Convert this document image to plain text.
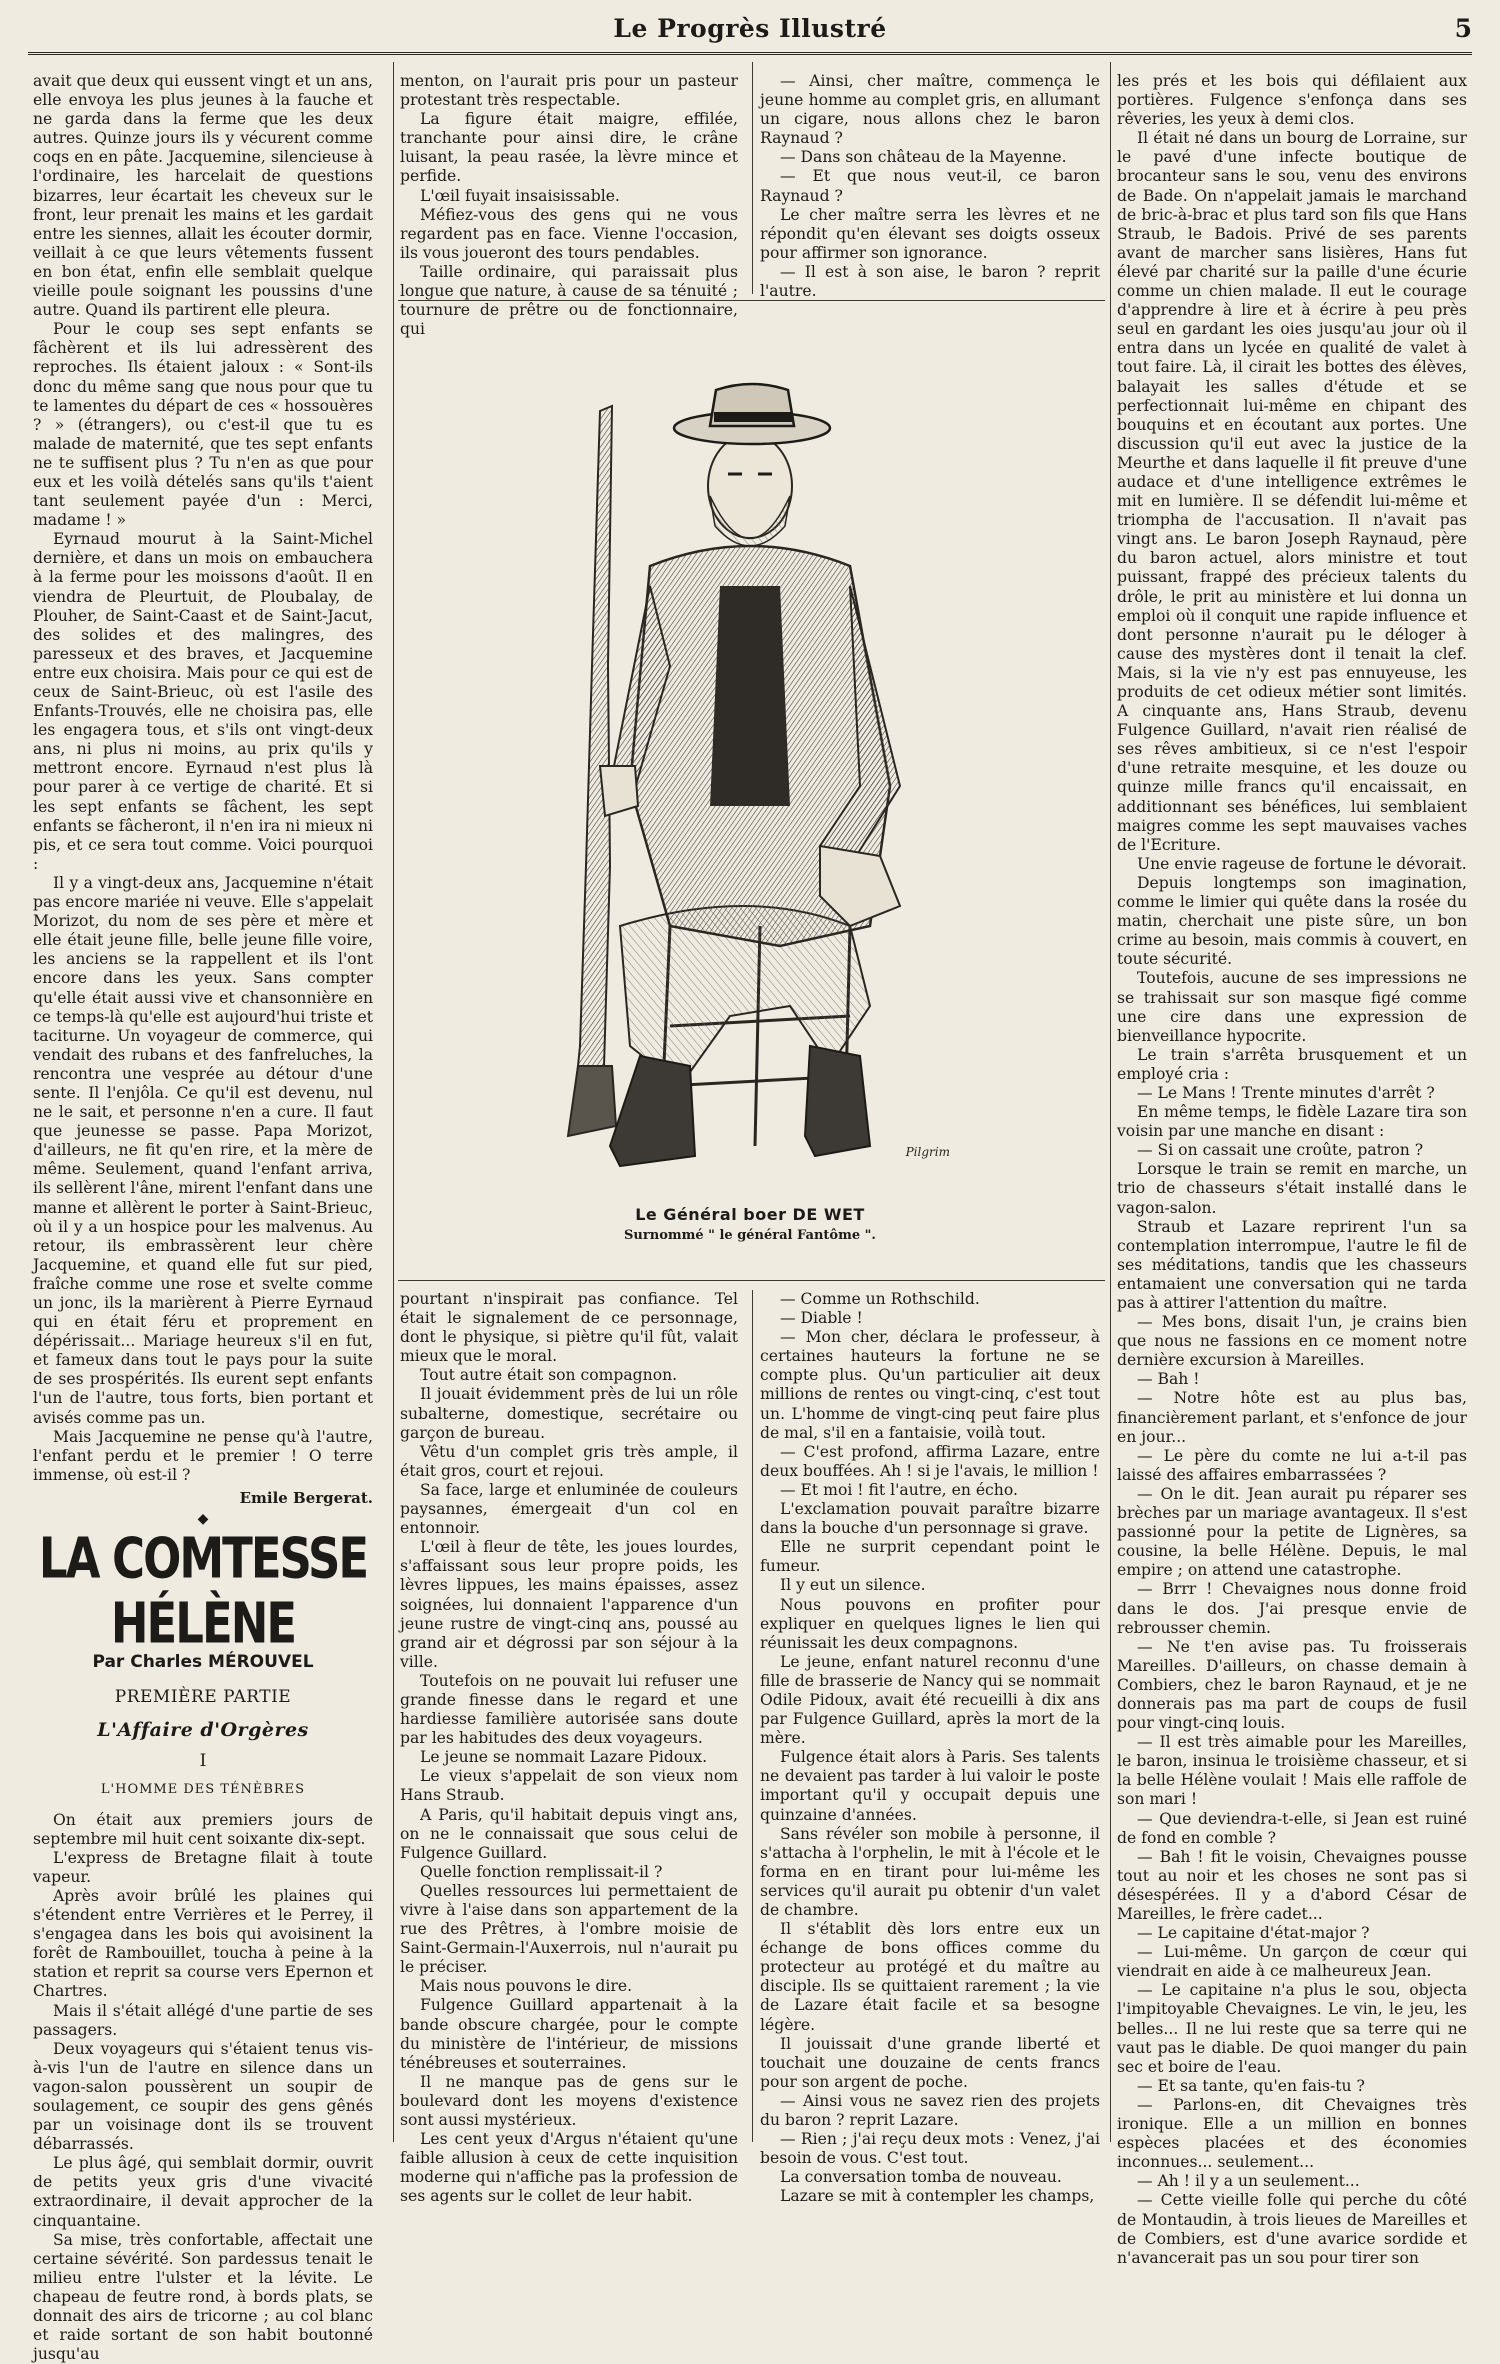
Le Progrès Illustré	5

avait que deux qui eussent vingt et un ans, elle envoya les plus jeunes à la fauche et ne garda dans la ferme que les deux autres. Quinze jours ils y vécurent comme coqs en en pâte. Jacquemine, silencieuse à l'ordinaire, les harcelait de questions bizarres, leur écartait les cheveux sur le front, leur prenait les mains et les gardait entre les siennes, allait les écouter dormir, veillait à ce que leurs vêtements fussent en bon état, enfin elle semblait quelque vieille poule soignant les poussins d'une autre. Quand ils partirent elle pleura.

Pour le coup ses sept enfants se fâchèrent et ils lui adressèrent des reproches. Ils étaient jaloux : « Sont-ils donc du même sang que nous pour que tu te lamentes du départ de ces « hossouères ? » (étrangers), ou c'est-il que tu es malade de maternité, que tes sept enfants ne te suffisent plus ? Tu n'en as que pour eux et les voilà dételés sans qu'ils t'aient tant seulement payée d'un : Merci, madame ! »

Eyrnaud mourut à la Saint-Michel dernière, et dans un mois on embauchera à la ferme pour les moissons d'août. Il en viendra de Pleurtuit, de Ploubalay, de Plouher, de Saint-Caast et de Saint-Jacut, des solides et des malingres, des paresseux et des braves, et Jacquemine entre eux choisira. Mais pour ce qui est de ceux de Saint-Brieuc, où est l'asile des Enfants-Trouvés, elle ne choisira pas, elle les engagera tous, et s'ils ont vingt-deux ans, ni plus ni moins, au prix qu'ils y mettront encore. Eyrnaud n'est plus là pour parer à ce vertige de charité. Et si les sept enfants se fâchent, les sept enfants se fâcheront, il n'en ira ni mieux ni pis, et ce sera tout comme. Voici pourquoi :

Il y a vingt-deux ans, Jacquemine n'était pas encore mariée ni veuve. Elle s'appelait Morizot, du nom de ses père et mère et elle était jeune fille, belle jeune fille voire, les anciens se la rappellent et ils l'ont encore dans les yeux. Sans compter qu'elle était aussi vive et chansonnière en ce temps-là qu'elle est aujourd'hui triste et taciturne. Un voyageur de commerce, qui vendait des rubans et des fanfreluches, la rencontra une vesprée au détour d'une sente. Il l'enjôla. Ce qu'il est devenu, nul ne le sait, et personne n'en a cure. Il faut que jeunesse se passe. Papa Morizot, d'ailleurs, ne fit qu'en rire, et la mère de même. Seulement, quand l'enfant arriva, ils sellèrent l'âne, mirent l'enfant dans une manne et allèrent le porter à Saint-Brieuc, où il y a un hospice pour les malvenus. Au retour, ils embrassèrent leur chère Jacquemine, et quand elle fut sur pied, fraîche comme une rose et svelte comme un jonc, ils la marièrent à Pierre Eyrnaud qui en était féru et proprement en dépérissait... Mariage heureux s'il en fut, et fameux dans tout le pays pour la suite de ses prospérités. Ils eurent sept enfants l'un de l'autre, tous forts, bien portant et avisés comme pas un.

Mais Jacquemine ne pense qu'à l'autre, l'enfant perdu et le premier ! O terre immense, où est-il ?

Emile Bergerat.
◆
LA COMTESSE HÉLÈNE
Par Charles MÉROUVEL
PREMIÈRE PARTIE
L'Affaire d'Orgères
I
L'HOMME DES TÉNÈBRES

On était aux premiers jours de septembre mil huit cent soixante dix-sept.

L'express de Bretagne filait à toute vapeur.

Après avoir brûlé les plaines qui s'étendent entre Verrières et le Perrey, il s'engagea dans les bois qui avoisinent la forêt de Rambouillet, toucha à peine à la station et reprit sa course vers Epernon et Chartres.

Mais il s'était allégé d'une partie de ses passagers.

Deux voyageurs qui s'étaient tenus vis-à-vis l'un de l'autre en silence dans un vagon-salon poussèrent un soupir de soulagement, ce soupir des gens gênés par un voisinage dont ils se trouvent débarrassés.

Le plus âgé, qui semblait dormir, ouvrit de petits yeux gris d'une vivacité extraordinaire, il devait approcher de la cinquantaine.

Sa mise, très confortable, affectait une certaine sévérité. Son pardessus tenait le milieu entre l'ulster et la lévite. Le chapeau de feutre rond, à bords plats, se donnait des airs de tricorne ; au col blanc et raide sortant de son habit boutonné jusqu'au

menton, on l'aurait pris pour un pasteur protestant très respectable.

La figure était maigre, effilée, tranchante pour ainsi dire, le crâne luisant, la peau rasée, la lèvre mince et perfide.

L'œil fuyait insaisissable.

Méfiez-vous des gens qui ne vous regardent pas en face. Vienne l'occasion, ils vous joueront des tours pendables.

Taille ordinaire, qui paraissait plus longue que nature, à cause de sa ténuité ; tournure de prêtre ou de fonctionnaire, qui

— Ainsi, cher maître, commença le jeune homme au complet gris, en allumant un cigare, nous allons chez le baron Raynaud ?

— Dans son château de la Mayenne.

— Et que nous veut-il, ce baron Raynaud ?

Le cher maître serra les lèvres et ne répondit qu'en élevant ses doigts osseux pour affirmer son ignorance.

— Il est à son aise, le baron ? reprit l'autre.

Pilgrim
Le Général boer DE WET
Surnommé " le général Fantôme ".

pourtant n'inspirait pas confiance. Tel était le signalement de ce personnage, dont le physique, si piètre qu'il fût, valait mieux que le moral.

Tout autre était son compagnon.

Il jouait évidemment près de lui un rôle subalterne, domestique, secrétaire ou garçon de bureau.

Vêtu d'un complet gris très ample, il était gros, court et rejoui.

Sa face, large et enluminée de couleurs paysannes, émergeait d'un col en entonnoir.

L'œil à fleur de tête, les joues lourdes, s'affaissant sous leur propre poids, les lèvres lippues, les mains épaisses, assez soignées, lui donnaient l'apparence d'un jeune rustre de vingt-cinq ans, poussé au grand air et dégrossi par son séjour à la ville.

Toutefois on ne pouvait lui refuser une grande finesse dans le regard et une hardiesse familière autorisée sans doute par les habitudes des deux voyageurs.

Le jeune se nommait Lazare Pidoux.

Le vieux s'appelait de son vieux nom Hans Straub.

A Paris, qu'il habitait depuis vingt ans, on ne le connaissait que sous celui de Fulgence Guillard.

Quelle fonction remplissait-il ?

Quelles ressources lui permettaient de vivre à l'aise dans son appartement de la rue des Prêtres, à l'ombre moisie de Saint-Germain-l'Auxerrois, nul n'aurait pu le préciser.

Mais nous pouvons le dire.

Fulgence Guillard appartenait à la bande obscure chargée, pour le compte du ministère de l'intérieur, de missions ténébreuses et souterraines.

Il ne manque pas de gens sur le boulevard dont les moyens d'existence sont aussi mystérieux.

Les cent yeux d'Argus n'étaient qu'une faible allusion à ceux de cette inquisition moderne qui n'affiche pas la profession de ses agents sur le collet de leur habit.

— Comme un Rothschild.

— Diable !

— Mon cher, déclara le professeur, à certaines hauteurs la fortune ne se compte plus. Qu'un particulier ait deux millions de rentes ou vingt-cinq, c'est tout un. L'homme de vingt-cinq peut faire plus de mal, s'il en a fantaisie, voilà tout.

— C'est profond, affirma Lazare, entre deux bouffées. Ah ! si je l'avais, le million !

— Et moi ! fit l'autre, en écho.

L'exclamation pouvait paraître bizarre dans la bouche d'un personnage si grave.

Elle ne surprit cependant point le fumeur.

Il y eut un silence.

Nous pouvons en profiter pour expliquer en quelques lignes le lien qui réunissait les deux compagnons.

Le jeune, enfant naturel reconnu d'une fille de brasserie de Nancy qui se nommait Odile Pidoux, avait été recueilli à dix ans par Fulgence Guillard, après la mort de la mère.

Fulgence était alors à Paris. Ses talents ne devaient pas tarder à lui valoir le poste important qu'il y occupait depuis une quinzaine d'années.

Sans révéler son mobile à personne, il s'attacha à l'orphelin, le mit à l'école et le forma en en tirant pour lui-même les services qu'il aurait pu obtenir d'un valet de chambre.

Il s'établit dès lors entre eux un échange de bons offices comme du protecteur au protégé et du maître au disciple. Ils se quittaient rarement ; la vie de Lazare était facile et sa besogne légère.

Il jouissait d'une grande liberté et touchait une douzaine de cents francs pour son argent de poche.

— Ainsi vous ne savez rien des projets du baron ? reprit Lazare.

— Rien ; j'ai reçu deux mots : Venez, j'ai besoin de vous. C'est tout.

La conversation tomba de nouveau.

Lazare se mit à contempler les champs,

les prés et les bois qui défilaient aux portières. Fulgence s'enfonça dans ses rêveries, les yeux à demi clos.

Il était né dans un bourg de Lorraine, sur le pavé d'une infecte boutique de brocanteur sans le sou, venu des environs de Bade. On n'appelait jamais le marchand de bric-à-brac et plus tard son fils que Hans Straub, le Badois. Privé de ses parents avant de marcher sans lisières, Hans fut élevé par charité sur la paille d'une écurie comme un chien malade. Il eut le courage d'apprendre à lire et à écrire à peu près seul en gardant les oies jusqu'au jour où il entra dans un lycée en qualité de valet à tout faire. Là, il cirait les bottes des élèves, balayait les salles d'étude et se perfectionnait lui-même en chipant des bouquins et en écoutant aux portes. Une discussion qu'il eut avec la justice de la Meurthe et dans laquelle il fit preuve d'une audace et d'une intelligence extrêmes le mit en lumière. Il se défendit lui-même et triompha de l'accusation. Il n'avait pas vingt ans. Le baron Joseph Raynaud, père du baron actuel, alors ministre et tout puissant, frappé des précieux talents du drôle, le prit au ministère et lui donna un emploi où il conquit une rapide influence et dont personne n'aurait pu le déloger à cause des mystères dont il tenait la clef. Mais, si la vie n'y est pas ennuyeuse, les produits de cet odieux métier sont limités. A cinquante ans, Hans Straub, devenu Fulgence Guillard, n'avait rien réalisé de ses rêves ambitieux, si ce n'est l'espoir d'une retraite mesquine, et les douze ou quinze mille francs qu'il encaissait, en additionnant ses bénéfices, lui semblaient maigres comme les sept mauvaises vaches de l'Ecriture.

Une envie rageuse de fortune le dévorait.

Depuis longtemps son imagination, comme le limier qui quête dans la rosée du matin, cherchait une piste sûre, un bon crime au besoin, mais commis à couvert, en toute sécurité.

Toutefois, aucune de ses impressions ne se trahissait sur son masque figé comme une cire dans une expression de bienveillance hypocrite.

Le train s'arrêta brusquement et un employé cria :

— Le Mans ! Trente minutes d'arrêt ?

En même temps, le fidèle Lazare tira son voisin par une manche en disant :

— Si on cassait une croûte, patron ?

Lorsque le train se remit en marche, un trio de chasseurs s'était installé dans le vagon-salon.

Straub et Lazare reprirent l'un sa contemplation interrompue, l'autre le fil de ses méditations, tandis que les chasseurs entamaient une conversation qui ne tarda pas à attirer l'attention du maître.

— Mes bons, disait l'un, je crains bien que nous ne fassions en ce moment notre dernière excursion à Mareilles.

— Bah !

— Notre hôte est au plus bas, financièrement parlant, et s'enfonce de jour en jour...

— Le père du comte ne lui a-t-il pas laissé des affaires embarrassées ?

— On le dit. Jean aurait pu réparer ses brèches par un mariage avantageux. Il s'est passionné pour la petite de Lignères, sa cousine, la belle Hélène. Depuis, le mal empire ; on attend une catastrophe.

— Brrr ! Chevaignes nous donne froid dans le dos. J'ai presque envie de rebrousser chemin.

— Ne t'en avise pas. Tu froisserais Mareilles. D'ailleurs, on chasse demain à Combiers, chez le baron Raynaud, et je ne donnerais pas ma part de coups de fusil pour vingt-cinq louis.

— Il est très aimable pour les Mareilles, le baron, insinua le troisième chasseur, et si la belle Hélène voulait ! Mais elle raffole de son mari !

— Que deviendra-t-elle, si Jean est ruiné de fond en comble ?

— Bah ! fit le voisin, Chevaignes pousse tout au noir et les choses ne sont pas si désespérées. Il y a d'abord César de Mareilles, le frère cadet...

— Le capitaine d'état-major ?

— Lui-même. Un garçon de cœur qui viendrait en aide à ce malheureux Jean.

— Le capitaine n'a plus le sou, objecta l'impitoyable Chevaignes. Le vin, le jeu, les belles... Il ne lui reste que sa terre qui ne vaut pas le diable. De quoi manger du pain sec et boire de l'eau.

— Et sa tante, qu'en fais-tu ?

— Parlons-en, dit Chevaignes très ironique. Elle a un million en bonnes espèces placées et des économies inconnues... seulement...

— Ah ! il y a un seulement...

— Cette vieille folle qui perche du côté de Montaudin, à trois lieues de Mareilles et de Combiers, est d'une avarice sordide et n'avancerait pas un sou pour tirer son
